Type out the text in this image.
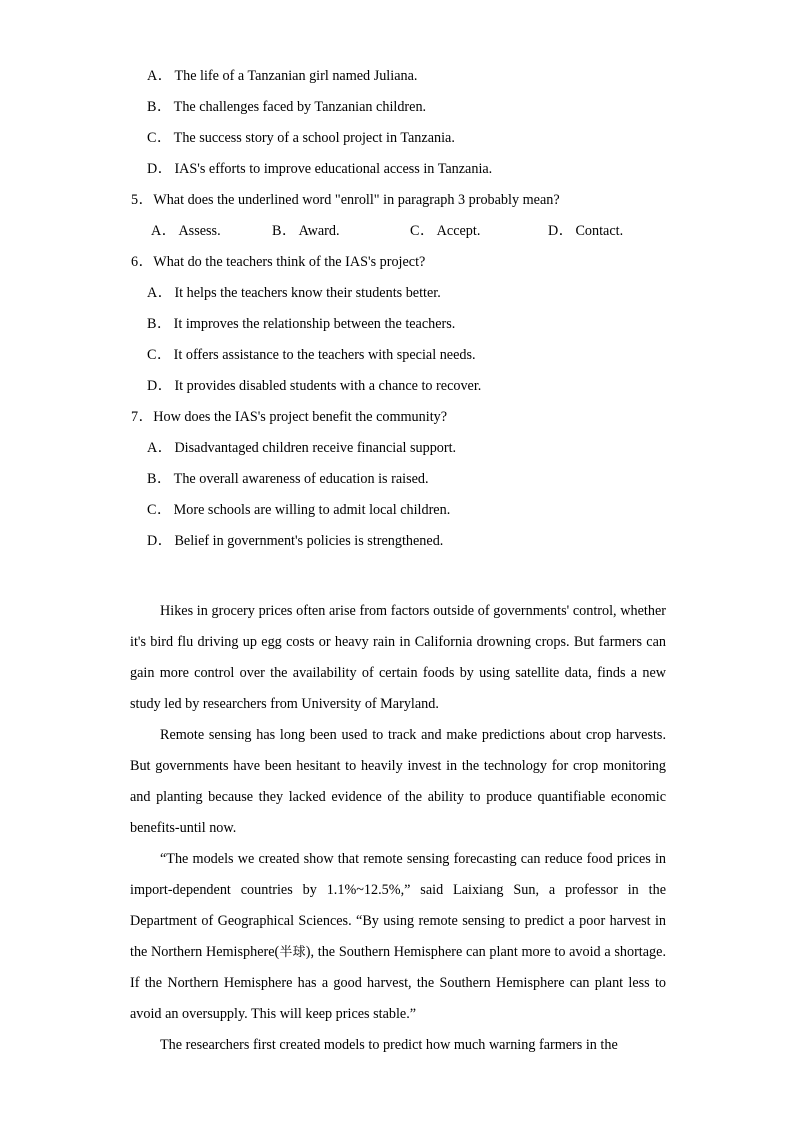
A． The life of a Tanzanian girl named Juliana.
B． The challenges faced by Tanzanian children.
C． The success story of a school project in Tanzania.
D． IAS's efforts to improve educational access in Tanzania.
5．What does the underlined word "enroll" in paragraph 3 probably mean?
A． Assess.	B． Award.	C． Accept.	D． Contact.
6．What do the teachers think of the IAS's project?
A． It helps the teachers know their students better.
B． It improves the relationship between the teachers.
C． It offers assistance to the teachers with special needs.
D． It provides disabled students with a chance to recover.
7．How does the IAS's project benefit the community?
A． Disadvantaged children receive financial support.
B． The overall awareness of education is raised.
C． More schools are willing to admit local children.
D． Belief in government's policies is strengthened.

Hikes in grocery prices often arise from factors outside of governments' control, whether it's bird flu driving up egg costs or heavy rain in California drowning crops. But farmers can gain more control over the availability of certain foods by using satellite data, finds a new study led by researchers from University of Maryland.

Remote sensing has long been used to track and make predictions about crop harvests. But governments have been hesitant to heavily invest in the technology for crop monitoring and planting because they lacked evidence of the ability to produce quantifiable economic benefits-until now.

“The models we created show that remote sensing forecasting can reduce food prices in import-dependent countries by 1.1%~12.5%,” said Laixiang Sun, a professor in the Department of Geographical Sciences. “By using remote sensing to predict a poor harvest in the Northern Hemisphere(半球), the Southern Hemisphere can plant more to avoid a shortage. If the Northern Hemisphere has a good harvest, the Southern Hemisphere can plant less to avoid an oversupply. This will keep prices stable.”

The researchers first created models to predict how much warning farmers in the
